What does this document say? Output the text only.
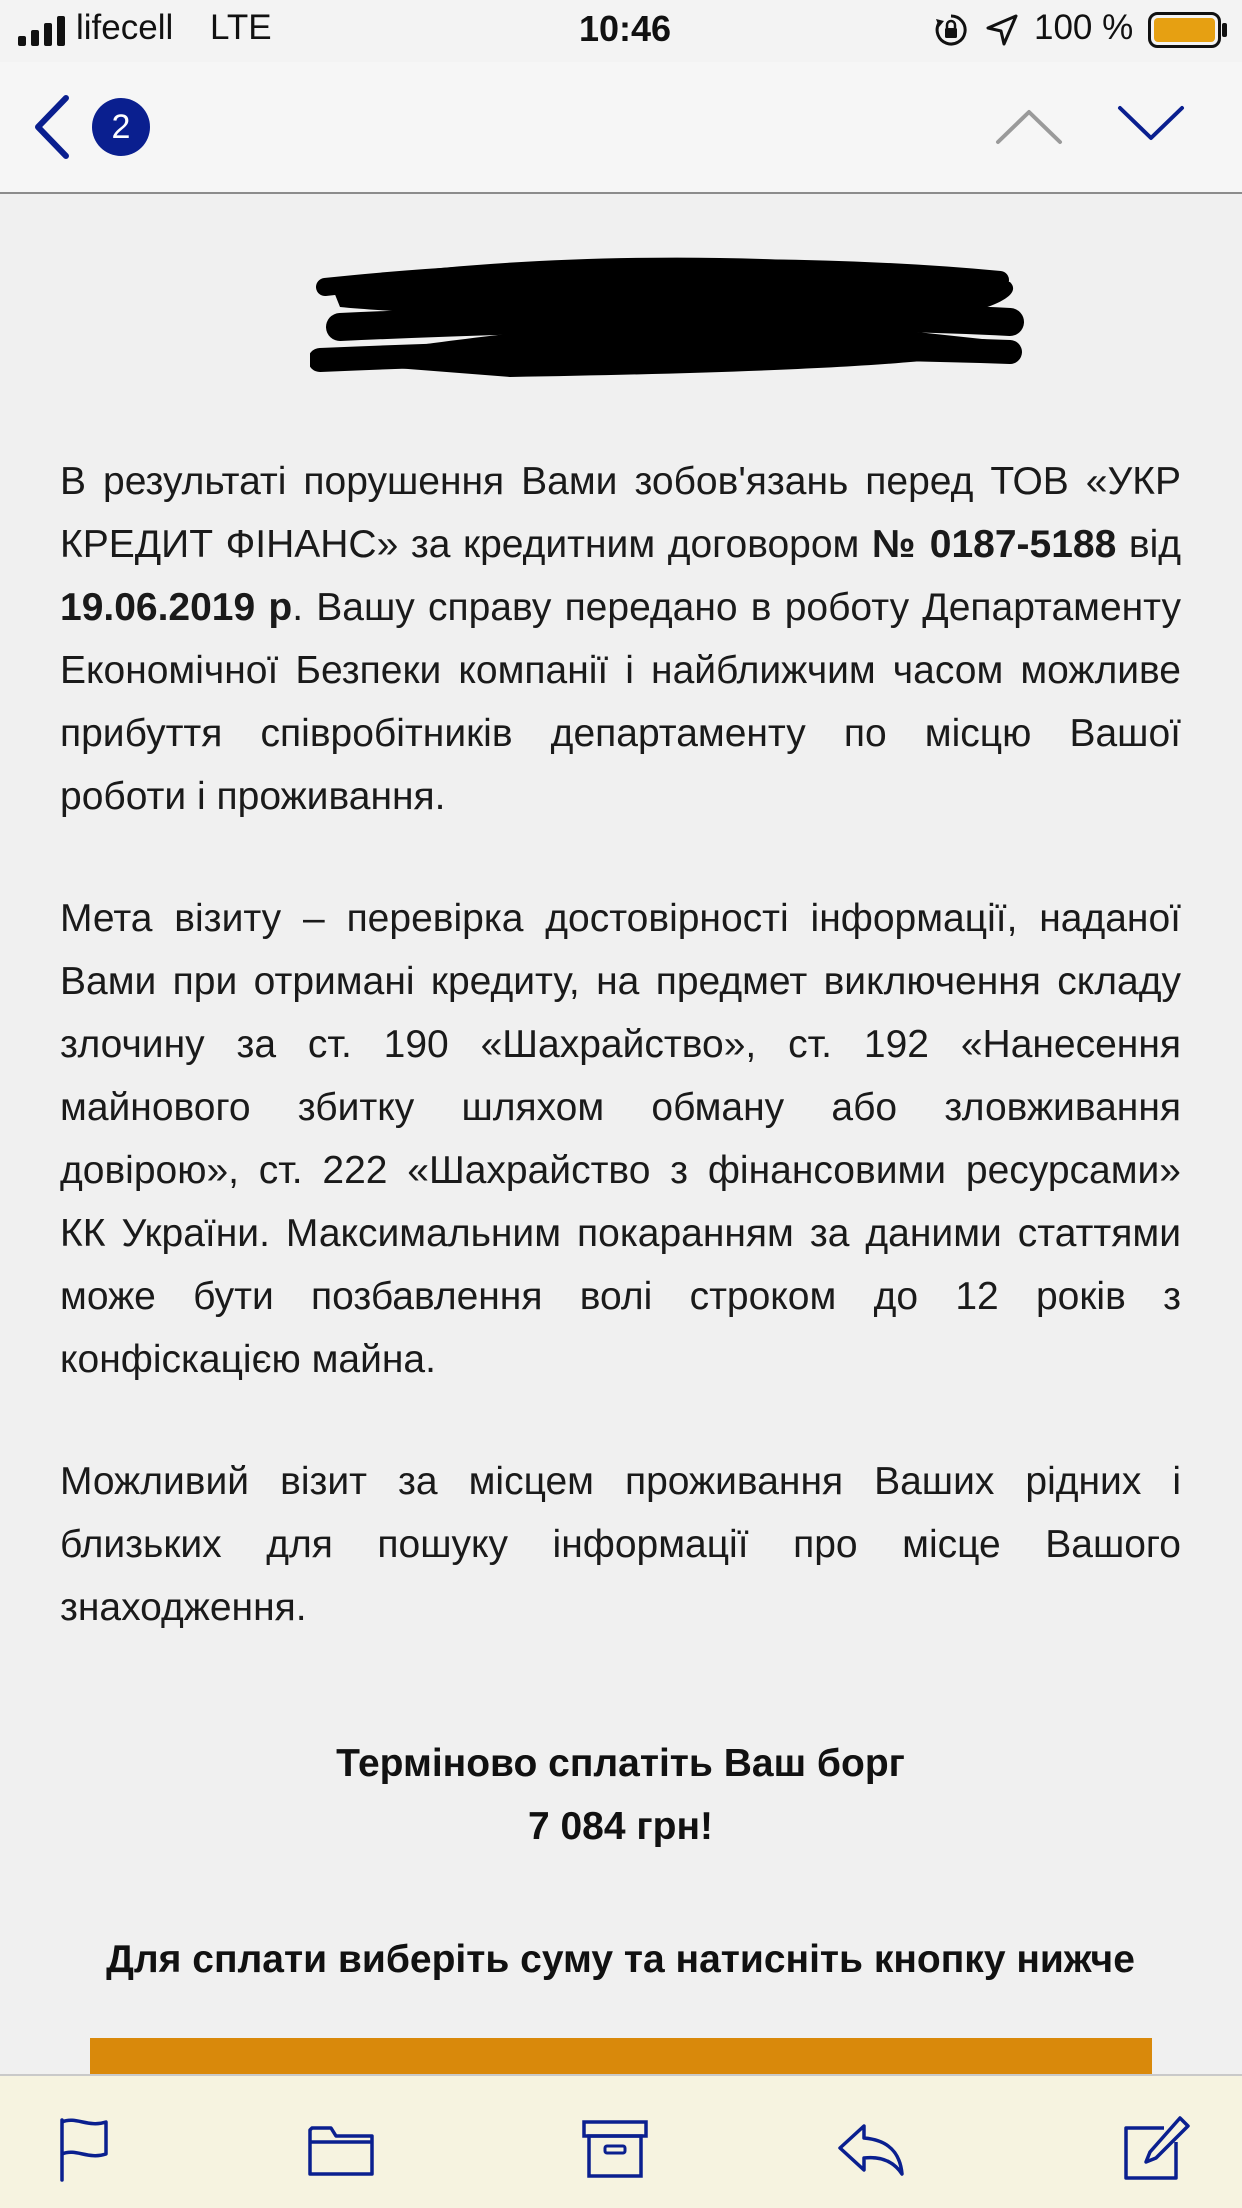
lifecell LTE	10:46	100 %
2
В результаті порушення Вами зобов'язань перед ТОВ «УКР КРЕДИТ ФІНАНС» за кредитним договором № 0187-5188 від 19.06.2019 р. Вашу справу передано в роботу Департаменту Економічної Безпеки компанії і найближчим часом можливе прибуття співробітників департаменту по місцю Вашої роботи і проживання.
Мета візиту – перевірка достовірності інформації, наданої Вами при отримані кредиту, на предмет виключення складу злочину за ст. 190 «Шахрайство», ст. 192 «Нанесення майнового збитку шляхом обману або зловживання довірою», ст. 222 «Шахрайство з фінансовими ресурсами» КК України. Максимальним покаранням за даними статтями може бути позбавлення волі строком до 12 років з конфіскацією майна.
Можливий візит за місцем проживання Ваших рідних і близьких для пошуку інформації про місце Вашого знаходження.
Терміново сплатіть Ваш борг
7 084 грн!
Для сплати виберіть суму та натисніть кнопку нижче
